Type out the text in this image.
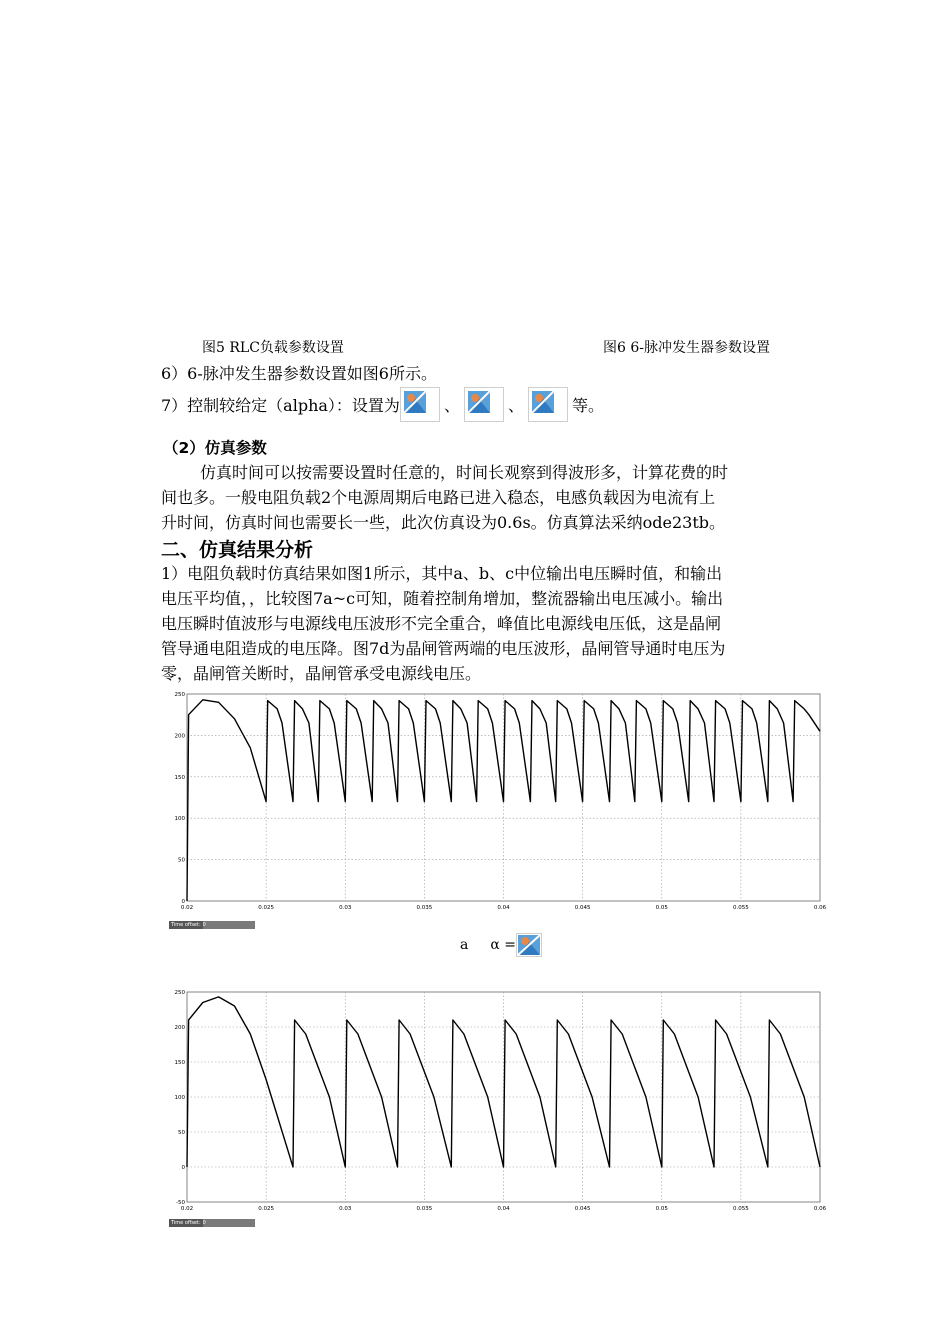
图5 RLC负载参数设置	图6 6-脉冲发生器参数设置
6）6-脉冲发生器参数设置如图6所示。
7）控制较给定（alpha）：设置为	、	、	等。
（2）仿真参数
仿真时间可以按需要设置时任意的，时间长观察到得波形多，计算花费的时
间也多。一般电阻负载2个电源周期后电路已进入稳态，电感负载因为电流有上
升时间，仿真时间也需要长一些，此次仿真设为0.6s。仿真算法采纳ode23tb。
二、仿真结果分析
1）电阻负载时仿真结果如图1所示，其中a、b、c中位输出电压瞬时值，和输出
电压平均值，，比较图7a~c可知，随着控制角增加，整流器输出电压减小。输出
电压瞬时值波形与电源线电压波形不完全重合，峰值比电源线电压低，这是晶闸
管导通电阻造成的电压降。图7d为晶闸管两端的电压波形，晶闸管导通时电压为
零，晶闸管关断时，晶闸管承受电源线电压。
0.02	0.025	0.03	0.035	0.04	0.045	0.05	0.055	0.06
0
50
100
150
200
250
Time offset: 0
a α =
0.02	0.025	0.03	0.035	0.04	0.045	0.05	0.055	0.06
-50
0
50
100
150
200
250
Time offset: 0
